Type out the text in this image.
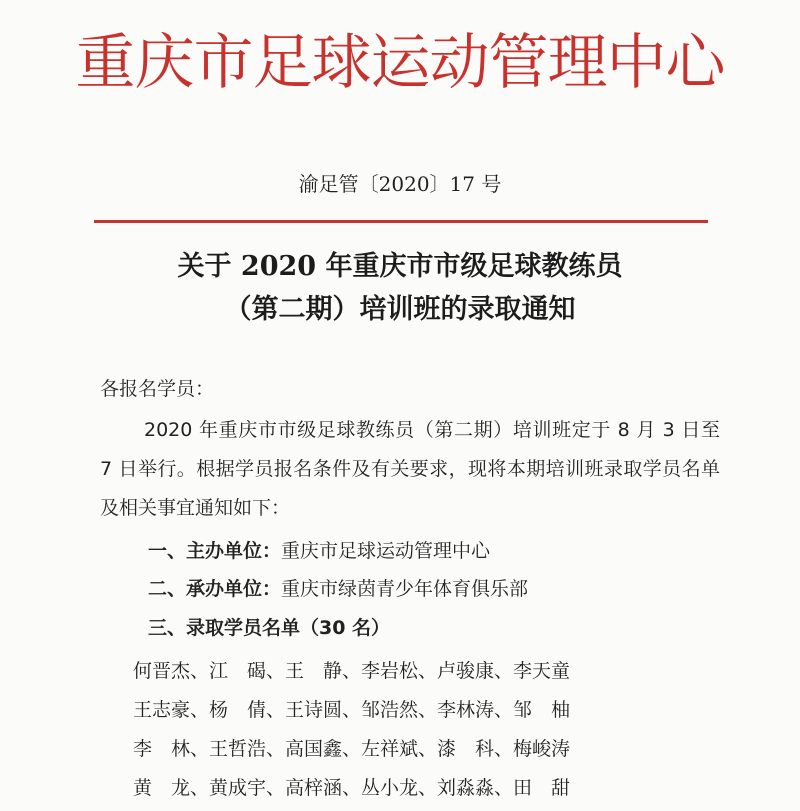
重庆市足球运动管理中心
渝足管〔2020〕17 号
关于 2020 年重庆市市级足球教练员
（第二期）培训班的录取通知
各报名学员：
2020 年重庆市市级足球教练员（第二期）培训班定于 8 月 3 日至 7 日举行。根据学员报名条件及有关要求，现将本期培训班录取学员名单及相关事宜通知如下：
一、主办单位：重庆市足球运动管理中心
二、承办单位：重庆市绿茵青少年体育俱乐部
三、录取学员名单（30 名）
何晋杰、江　碣、王　静、李岩松、卢骏康、李天童
王志豪、杨　倩、王诗圆、邹浩然、李林涛、邹　柚
李　林、王哲浩、高国鑫、左祥斌、漆　科、梅峻涛
黄　龙、黄成宇、高梓涵、丛小龙、刘淼淼、田　甜
